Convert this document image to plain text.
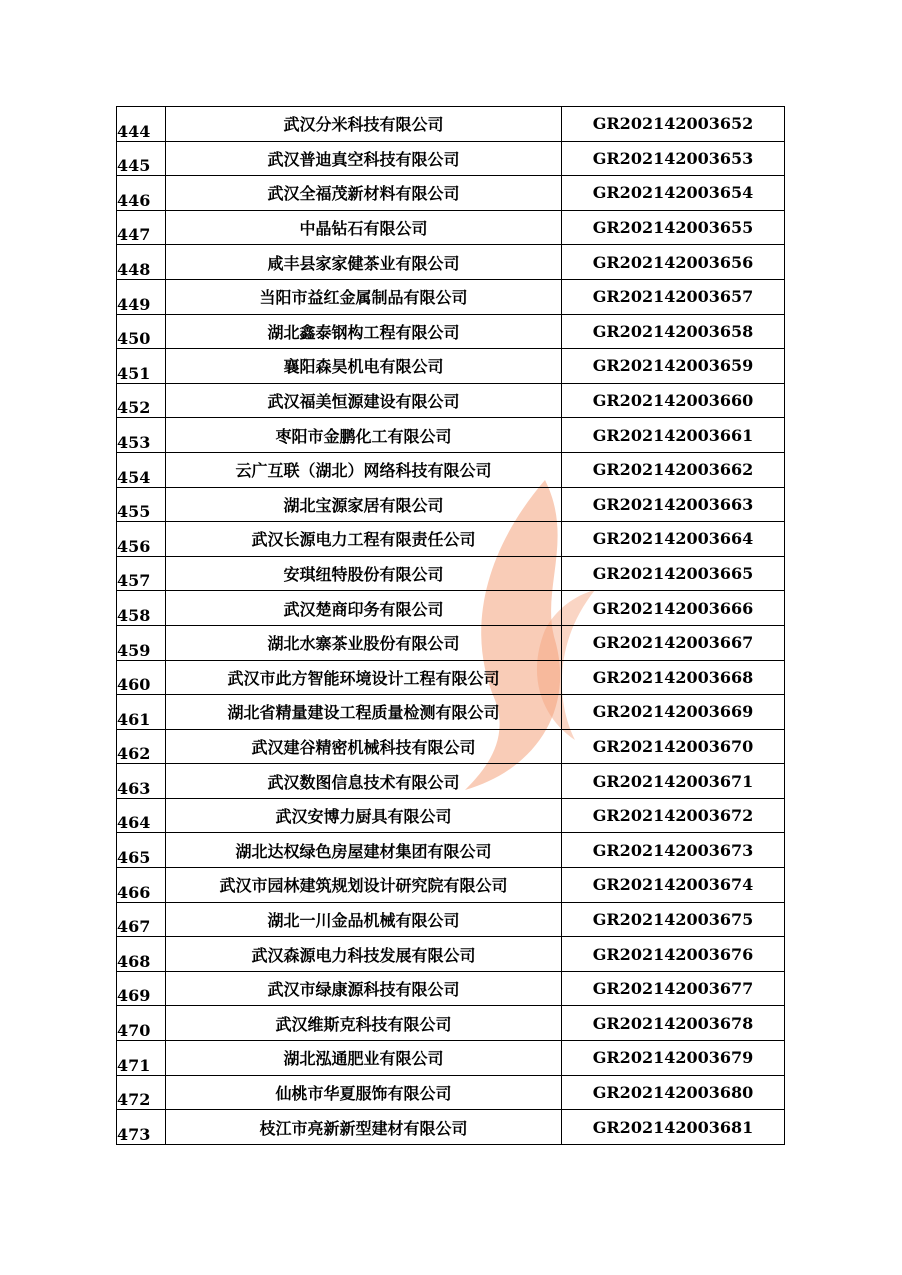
444	武汉分米科技有限公司	GR202142003652
445	武汉普迪真空科技有限公司	GR202142003653
446	武汉全福茂新材料有限公司	GR202142003654
447	中晶钻石有限公司	GR202142003655
448	咸丰县家家健茶业有限公司	GR202142003656
449	当阳市益红金属制品有限公司	GR202142003657
450	湖北鑫泰钢构工程有限公司	GR202142003658
451	襄阳森昊机电有限公司	GR202142003659
452	武汉福美恒源建设有限公司	GR202142003660
453	枣阳市金鹏化工有限公司	GR202142003661
454	云广互联（湖北）网络科技有限公司	GR202142003662
455	湖北宝源家居有限公司	GR202142003663
456	武汉长源电力工程有限责任公司	GR202142003664
457	安琪纽特股份有限公司	GR202142003665
458	武汉楚商印务有限公司	GR202142003666
459	湖北水寨茶业股份有限公司	GR202142003667
460	武汉市此方智能环境设计工程有限公司	GR202142003668
461	湖北省精量建设工程质量检测有限公司	GR202142003669
462	武汉建谷精密机械科技有限公司	GR202142003670
463	武汉数图信息技术有限公司	GR202142003671
464	武汉安博力厨具有限公司	GR202142003672
465	湖北达权绿色房屋建材集团有限公司	GR202142003673
466	武汉市园林建筑规划设计研究院有限公司	GR202142003674
467	湖北一川金品机械有限公司	GR202142003675
468	武汉森源电力科技发展有限公司	GR202142003676
469	武汉市绿康源科技有限公司	GR202142003677
470	武汉维斯克科技有限公司	GR202142003678
471	湖北泓通肥业有限公司	GR202142003679
472	仙桃市华夏服饰有限公司	GR202142003680
473	枝江市亮新新型建材有限公司	GR202142003681
